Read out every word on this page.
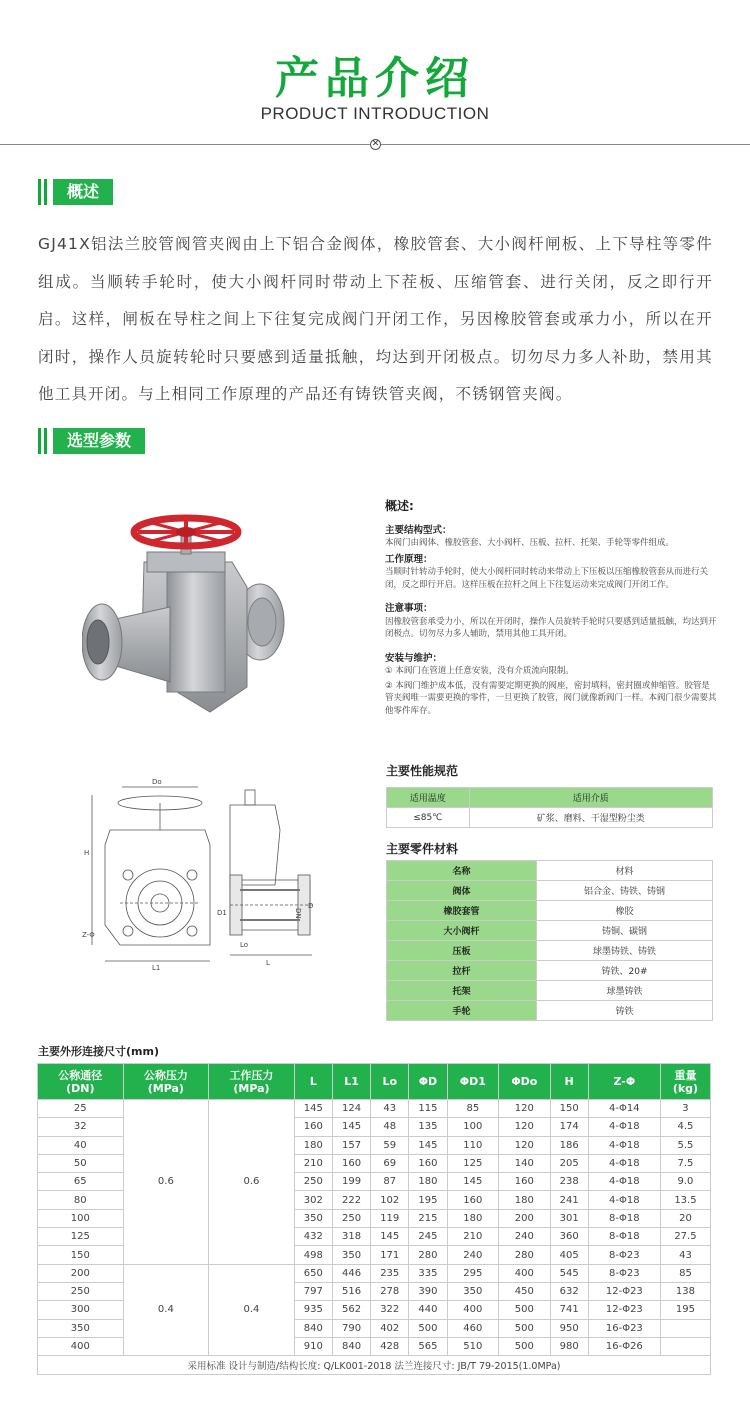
产品介绍
PRODUCT INTRODUCTION
✕
概述
GJ41X铝法兰胶管阀管夹阀由上下铝合金阀体，橡胶管套、大小阀杆闸板、上下导柱等零件组成。当顺转手轮时，使大小阀杆同时带动上下茬板、压缩管套、进行关闭，反之即行开启。这样，闸板在导柱之间上下往复完成阀门开闭工作，另因橡胶管套或承力小，所以在开闭时，操作人员旋转轮时只要感到适量抵触，均达到开闭极点。切勿尽力多人补助，禁用其他工具开闭。与上相同工作原理的产品还有铸铁管夹阀，不锈钢管夹阀。
选型参数
Do
H
Z-Φ
L1
DN
D
D1
L
Lo
概述:
主要结构型式：
本阀门由阀体、橡胶管套、大小阀杆、压板、拉杆、托架、手轮等零件组成。
工作原理：
当顺时针转动手轮时，使大小阀杆同时转动来带动上下压板以压缩橡胶管套从而进行关闭，反之即行开启。这样压板在拉杆之间上下往复运动来完成阀门开闭工作。
注意事项：
因橡胶管套承受力小，所以在开闭时，操作人员旋转手轮时只要感到适量抵触，均达到开闭极点。切勿尽力多人辅助，禁用其他工具开闭。
安装与维护：
① 本阀门在管道上任意安装，没有介质流向限制。
② 本阀门维护成本低，没有需要定期更换的阀座，密封填料，密封圈或伸缩管。胶管是管夹阀唯一需要更换的零件，一旦更换了胶管，阀门就像新阀门一样。本阀门很少需要其他零件库存。
主要性能规范
适用温度	适用介质
≤85℃	矿浆、磨料、干湿型粉尘类
主要零件材料
名称	材料
阀体	铝合金、铸铁、铸钢
橡胶套管	橡胶
大小阀杆	铸铜、碳钢
压板	球墨铸铁、铸铁
拉杆	铸铁、20#
托架	球墨铸铁
手轮	铸铁
主要外形连接尺寸(mm)
公称通径
(DN)	公称压力
(MPa)	工作压力
(MPa)	L	L1	Lo	ΦD	ΦD1	ΦDo	H	Z-Φ	重量
(kg)
25	0.6	0.6	145	124	43	115	85	120	150	4-Φ14	3
32			160	145	48	135	100	120	174	4-Φ18	4.5
40			180	157	59	145	110	120	186	4-Φ18	5.5
50			210	160	69	160	125	140	205	4-Φ18	7.5
65			250	199	87	180	145	160	238	4-Φ18	9.0
80			302	222	102	195	160	180	241	4-Φ18	13.5
100			350	250	119	215	180	200	301	8-Φ18	20
125			432	318	145	245	210	240	360	8-Φ18	27.5
150			498	350	171	280	240	280	405	8-Φ23	43
200	0.4	0.4	650	446	235	335	295	400	545	8-Φ23	85
250			797	516	278	390	350	450	632	12-Φ23	138
300			935	562	322	440	400	500	741	12-Φ23	195
350			840	790	402	500	460	500	950	16-Φ23	
400			910	840	428	565	510	500	980	16-Φ26	
采用标准 设计与制造/结构长度: Q/LK001-2018 法兰连接尺寸: JB/T 79-2015(1.0MPa)											
